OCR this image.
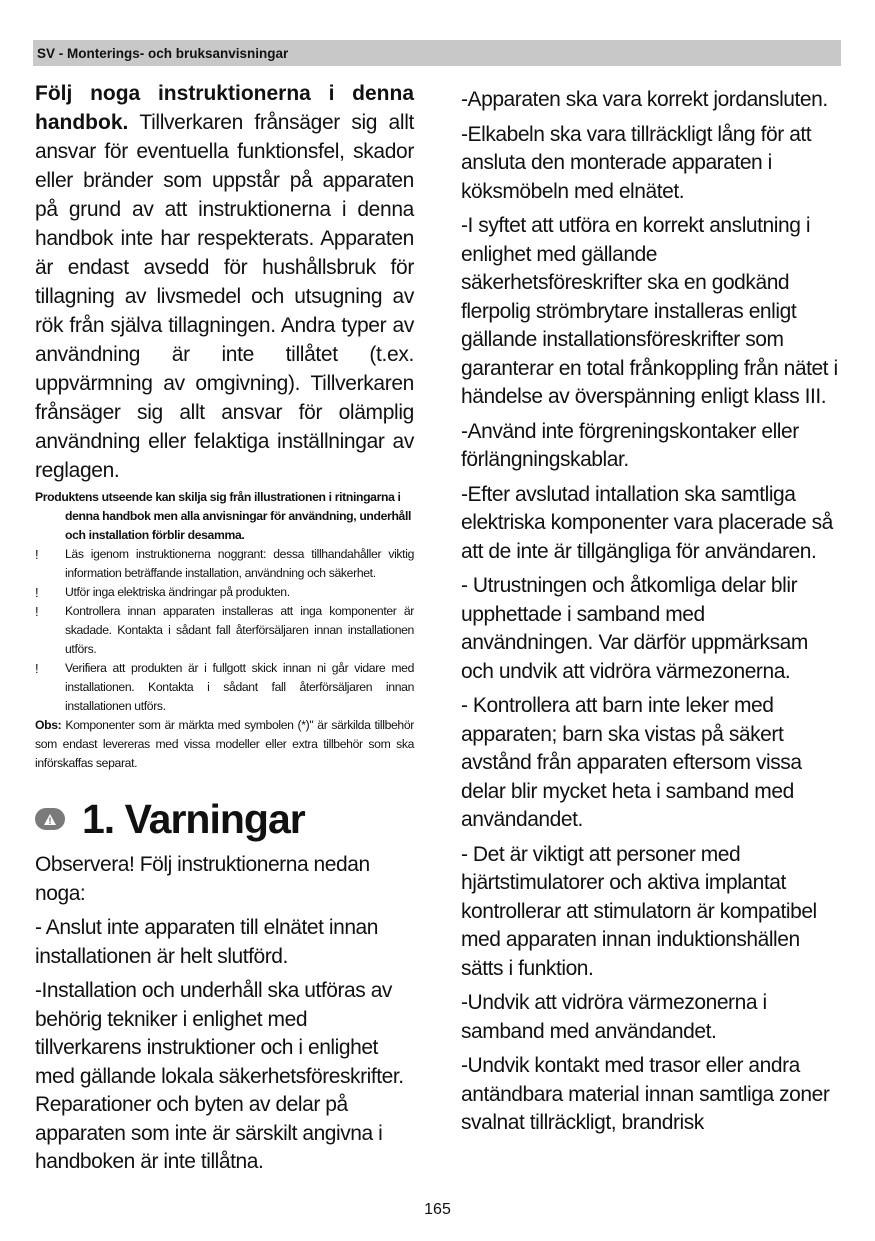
SV - Monterings- och bruksanvisningar

Följ noga instruktionerna i denna handbok. Tillverkaren frånsäger sig allt ansvar för eventuella funktionsfel, skador eller bränder som uppstår på apparaten på grund av att instruktionerna i denna handbok inte har respekterats. Apparaten är endast avsedd för hushållsbruk för tillagning av livsmedel och utsugning av rök från själva tillagningen. Andra typer av användning är inte tillåtet (t.ex. uppvärmning av omgivning). Tillverkaren frånsäger sig allt ansvar för olämplig användning eller felaktiga inställningar av reglagen.

Produktens utseende kan skilja sig från illustrationen i ritningarna i denna handbok men alla anvisningar för användning, underhåll och installation förblir desamma.

! Läs igenom instruktionerna noggrant: dessa tillhandahåller viktig information beträffande installation, användning och säkerhet.

! Utför inga elektriska ändringar på produkten.

! Kontrollera innan apparaten installeras att inga komponenter är skadade. Kontakta i sådant fall återförsäljaren innan installationen utförs.

! Verifiera att produkten är i fullgott skick innan ni går vidare med installationen. Kontakta i sådant fall återförsäljaren innan installationen utförs.

Obs: Komponenter som är märkta med symbolen (*)" är särkilda tillbehör som endast levereras med vissa modeller eller extra tillbehör som ska införskaffas separat.

1. Varningar

Observera! Följ instruktionerna nedan noga:

- Anslut inte apparaten till elnätet innan installationen är helt slutförd.

-Installation och underhåll ska utföras av behörig tekniker i enlighet med tillverkarens instruktioner och i enlighet med gällande lokala säkerhetsföreskrifter. Reparationer och byten av delar på apparaten som inte är särskilt angivna i handboken är inte tillåtna.

-Apparaten ska vara korrekt jordansluten.

-Elkabeln ska vara tillräckligt lång för att ansluta den monterade apparaten i köksmöbeln med elnätet.

-I syftet att utföra en korrekt anslutning i enlighet med gällande säkerhetsföreskrifter ska en godkänd flerpolig strömbrytare installeras enligt gällande installationsföreskrifter som garanterar en total frånkoppling från nätet i händelse av överspänning enligt klass III.

-Använd inte förgreningskontaker eller förlängningskablar.

-Efter avslutad intallation ska samtliga elektriska komponenter vara placerade så att de inte är tillgängliga för användaren.

- Utrustningen och åtkomliga delar blir upphettade i samband med användningen. Var därför uppmärksam och undvik att vidröra värmezonerna.

- Kontrollera att barn inte leker med apparaten; barn ska vistas på säkert avstånd från apparaten eftersom vissa delar blir mycket heta i samband med användandet.

- Det är viktigt att personer med hjärtstimulatorer och aktiva implantat kontrollerar att stimulatorn är kompatibel med apparaten innan induktionshällen sätts i funktion.

-Undvik att vidröra värmezonerna i samband med användandet.

-Undvik kontakt med trasor eller andra antändbara material innan samtliga zoner svalnat tillräckligt, brandrisk

165
